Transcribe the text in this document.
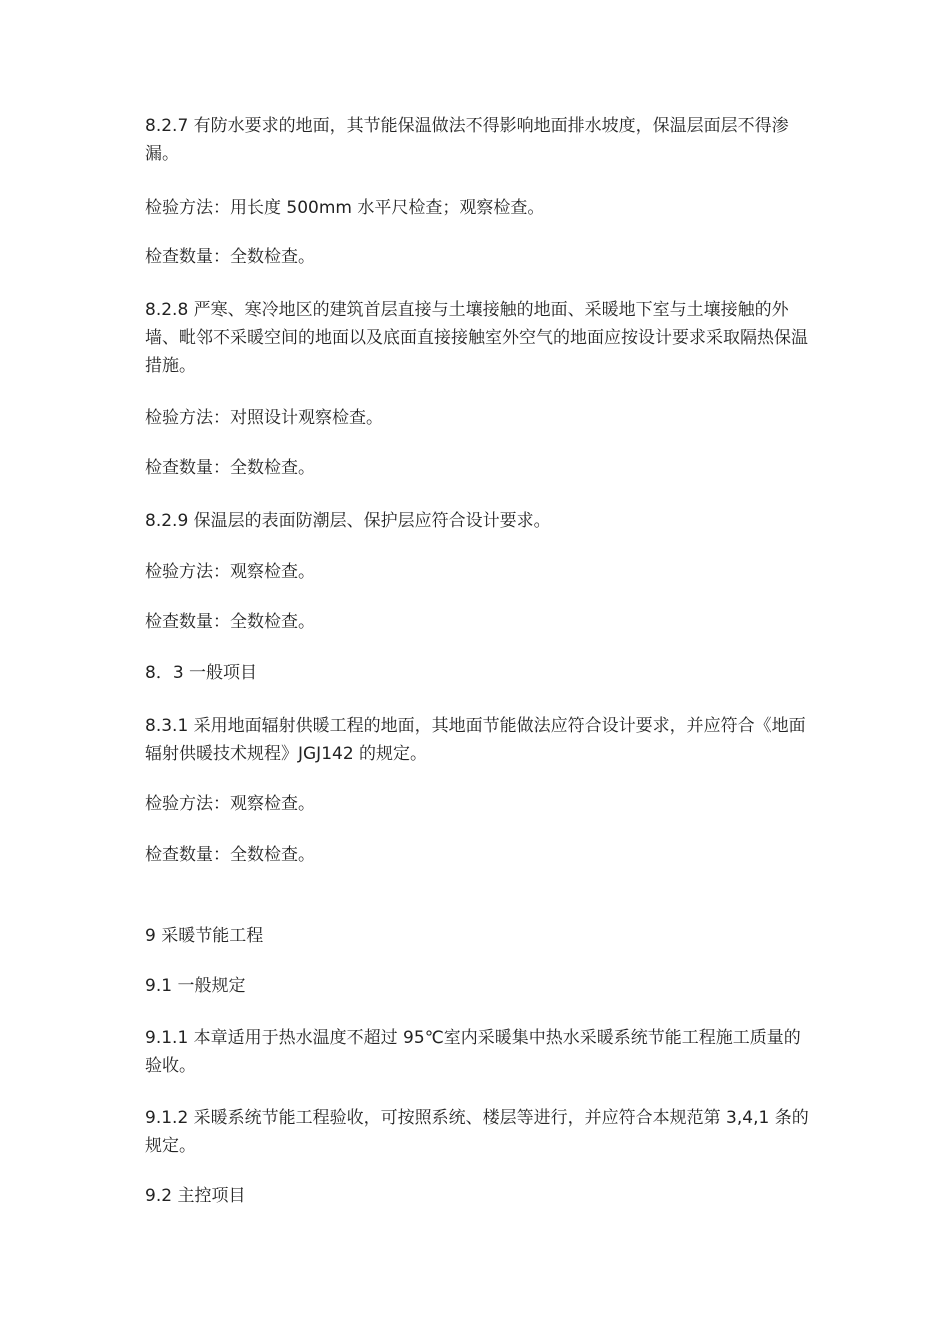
8.2.7 有防水要求的地面，其节能保温做法不得影响地面排水坡度，保温层面层不得渗漏。

检验方法：用长度 500mm 水平尺检查；观察检查。

检查数量：全数检查。

8.2.8 严寒、寒冷地区的建筑首层直接与土壤接触的地面、采暖地下室与土壤接触的外墙、毗邻不采暖空间的地面以及底面直接接触室外空气的地面应按设计要求采取隔热保温措施。

检验方法：对照设计观察检查。

检查数量：全数检查。

8.2.9 保温层的表面防潮层、保护层应符合设计要求。

检验方法：观察检查。

检查数量：全数检查。

8．3 一般项目

8.3.1 采用地面辐射供暖工程的地面，其地面节能做法应符合设计要求，并应符合《地面辐射供暖技术规程》JGJ142 的规定。

检验方法：观察检查。

检查数量：全数检查。

9 采暖节能工程

9.1 一般规定

9.1.1 本章适用于热水温度不超过 95℃室内采暖集中热水采暖系统节能工程施工质量的验收。

9.1.2 采暖系统节能工程验收，可按照系统、楼层等进行，并应符合本规范第 3,4,1 条的规定。

9.2 主控项目
